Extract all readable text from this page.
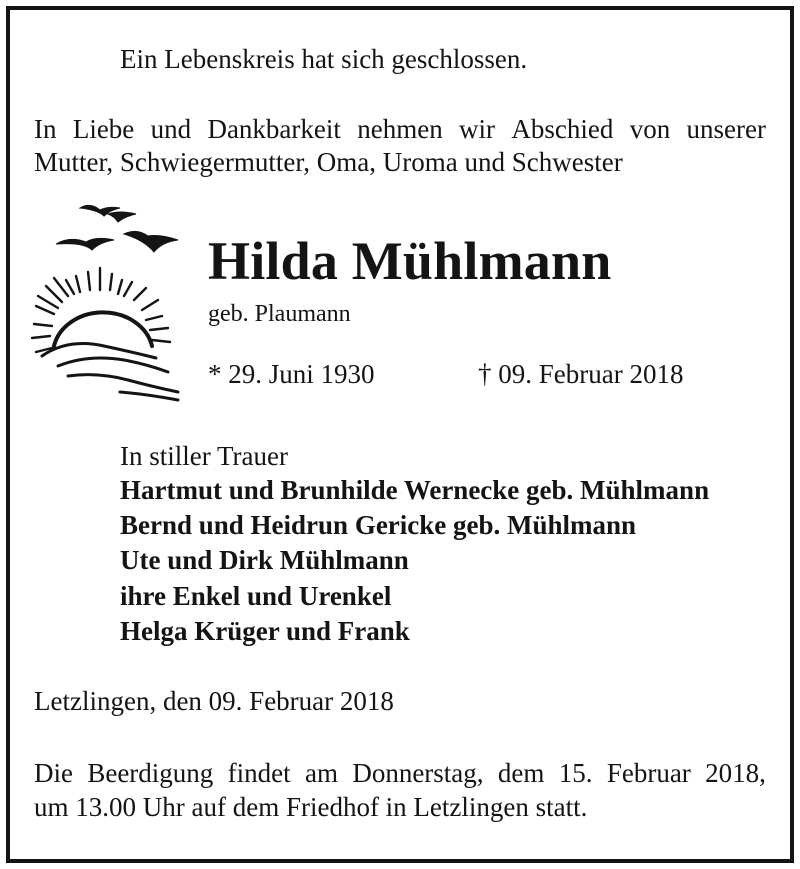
Ein Lebenskreis hat sich geschlossen.
In Liebe und Dankbarkeit nehmen wir Abschied von unserer
Mutter, Schwiegermutter, Oma, Uroma und Schwester
Hilda Mühlmann
geb. Plaumann
* 29. Juni 1930	† 09. Februar 2018
In stiller Trauer
Hartmut und Brunhilde Wernecke geb. Mühlmann
Bernd und Heidrun Gericke geb. Mühlmann
Ute und Dirk Mühlmann
ihre Enkel und Urenkel
Helga Krüger und Frank
Letzlingen, den 09. Februar 2018
Die Beerdigung findet am Donnerstag, dem 15. Februar 2018,
um 13.00 Uhr auf dem Friedhof in Letzlingen statt.
